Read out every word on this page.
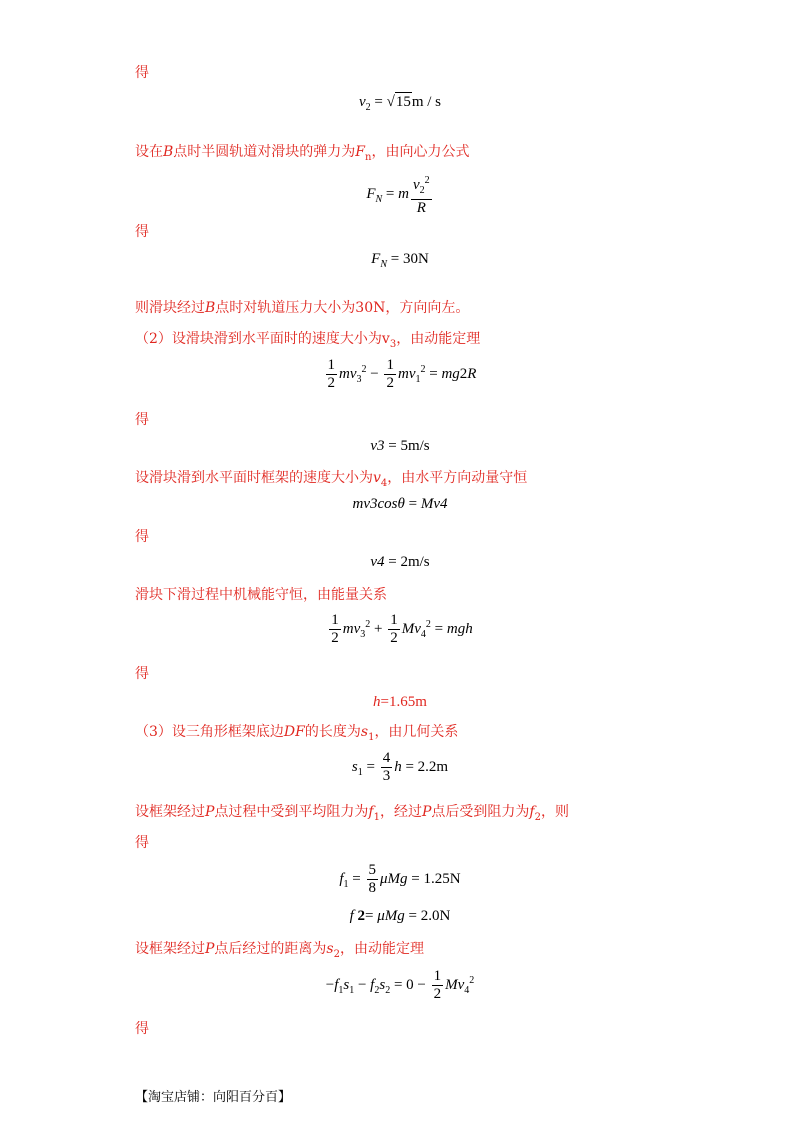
得
$v_2 = √15m / s$
设在B点时半圆轨道对滑块的弹力为$F_n$，由向心力公式
$F_N = m \frac{v_2^2}{R}$
得
$F_N = 30N$
则滑块经过B点时对轨道压力大小为30N，方向向左。
（2）设滑块滑到水平面时的速度大小为$v_3$，由动能定理
$\frac{1}{2} mv_3^2 - \frac{1}{2} mv_1^2 = mg2R$
得
v3 = 5m/s
设滑块滑到水平面时框架的速度大小为$v_4$，由水平方向动量守恒
mv3cosθ = Mv4
得
v4 = 2m/s
滑块下滑过程中机械能守恒，由能量关系
$\frac{1}{2} mv_3^2 + \frac{1}{2} Mv_4^2$ = mgh
得
h=1.65m
（3）设三角形框架底边DF的长度为$s_1$，由几何关系
$s_1 = \frac{4}{3}$ h = 2.2m
设框架经过P点过程中受到平均阻力为$f_1$，经过P点后受到阻力为$f_2$，则
得
$f_1 = \frac{5}{8}$ μMg = 1.25N
f 2= μMg = 2.0N
设框架经过P点后经过的距离为$s_2$，由动能定理
$-f_1s_1 - f_2s_2 = 0 - \frac{1}{2} Mv_4^2$
得
【淘宝店铺：向阳百分百】
